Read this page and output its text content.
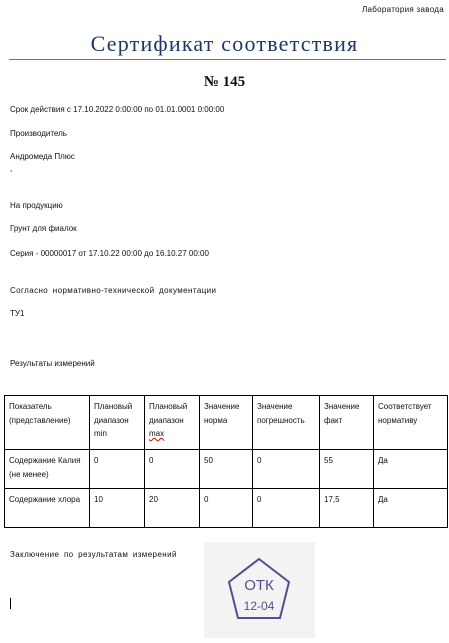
Лаборатория завода
Сертификат соответствия
№ 145
Срок действия с 17.10.2022 0:00:00 по 01.01.0001 0:00:00
Производитель
Андромеда Плюс
,
На продукцию
Грунт для фиалок
Серия - 00000017 от 17.10.22 00:00 до 16.10.27 00:00
Согласно нормативно-технической документации
ТУ1
Результаты измерений
Показатель (представление)	Плановый диапазон min	Плановый диапазон max	Значение норма	Значение погрешность	Значение факт	Соответствует нормативу
Содержание Калия (не менее)	0	0	50	0	55	Да
Содержание хлора	10	20	0	0	17,5	Да
Заключение по результатам измерений
ОТК
12-04
